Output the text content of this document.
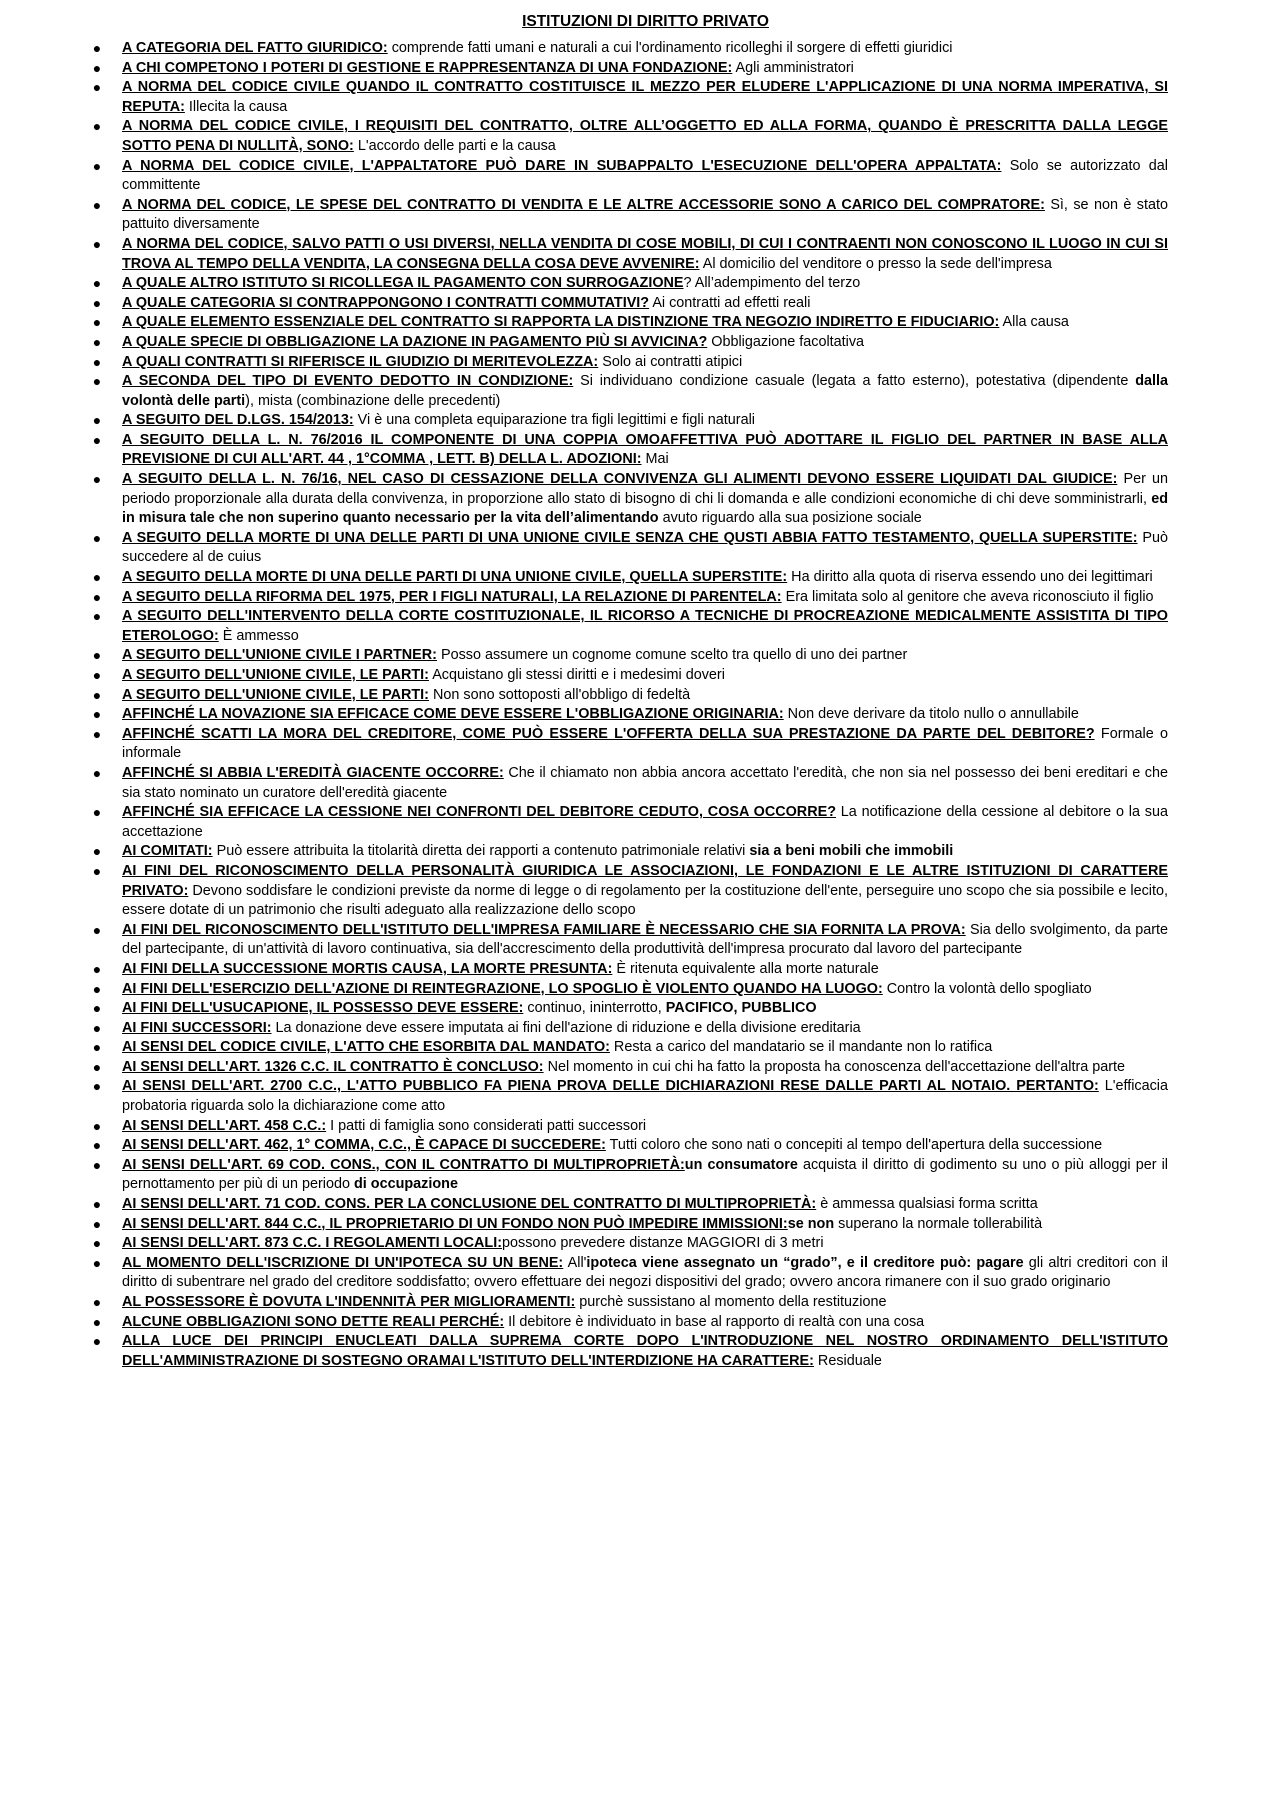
ISTITUZIONI DI DIRITTO PRIVATO
● A CATEGORIA DEL FATTO GIURIDICO: comprende fatti umani e naturali a cui l'ordinamento ricolleghi il sorgere di effetti giuridici
● A CHI COMPETONO I POTERI DI GESTIONE E RAPPRESENTANZA DI UNA FONDAZIONE: Agli amministratori
● A NORMA DEL CODICE CIVILE QUANDO IL CONTRATTO COSTITUISCE IL MEZZO PER ELUDERE L'APPLICAZIONE DI UNA NORMA IMPERATIVA, SI REPUTA: Illecita la causa
● A NORMA DEL CODICE CIVILE, I REQUISITI DEL CONTRATTO, OLTRE ALL’OGGETTO ED ALLA FORMA, QUANDO È PRESCRITTA DALLA LEGGE SOTTO PENA DI NULLITÀ, SONO: L'accordo delle parti e la causa
● A NORMA DEL CODICE CIVILE, L'APPALTATORE PUÒ DARE IN SUBAPPALTO L'ESECUZIONE DELL'OPERA APPALTATA: Solo se autorizzato dal committente
● A NORMA DEL CODICE, LE SPESE DEL CONTRATTO DI VENDITA E LE ALTRE ACCESSORIE SONO A CARICO DEL COMPRATORE: Sì, se non è stato pattuito diversamente
● A NORMA DEL CODICE, SALVO PATTI O USI DIVERSI, NELLA VENDITA DI COSE MOBILI, DI CUI I CONTRAENTI NON CONOSCONO IL LUOGO IN CUI SI TROVA AL TEMPO DELLA VENDITA, LA CONSEGNA DELLA COSA DEVE AVVENIRE: Al domicilio del venditore o presso la sede dell'impresa
● A QUALE ALTRO ISTITUTO SI RICOLLEGA IL PAGAMENTO CON SURROGAZIONE? All’adempimento del terzo
● A QUALE CATEGORIA SI CONTRAPPONGONO I CONTRATTI COMMUTATIVI? Ai contratti ad effetti reali
● A QUALE ELEMENTO ESSENZIALE DEL CONTRATTO SI RAPPORTA LA DISTINZIONE TRA NEGOZIO INDIRETTO E FIDUCIARIO: Alla causa
● A QUALE SPECIE DI OBBLIGAZIONE LA DAZIONE IN PAGAMENTO PIÙ SI AVVICINA? Obbligazione facoltativa
● A QUALI CONTRATTI SI RIFERISCE IL GIUDIZIO DI MERITEVOLEZZA: Solo ai contratti atipici
● A SECONDA DEL TIPO DI EVENTO DEDOTTO IN CONDIZIONE: Si individuano condizione casuale (legata a fatto esterno), potestativa (dipendente dalla volontà delle parti), mista (combinazione delle precedenti)
● A SEGUITO DEL D.LGS. 154/2013: Vi è una completa equiparazione tra figli legittimi e figli naturali
● A SEGUITO DELLA L. N. 76/2016 IL COMPONENTE DI UNA COPPIA OMOAFFETTIVA PUÒ ADOTTARE IL FIGLIO DEL PARTNER IN BASE ALLA PREVISIONE DI CUI ALL'ART. 44 , 1°COMMA , LETT. B) DELLA L. ADOZIONI: Mai
● A SEGUITO DELLA L. N. 76/16, NEL CASO DI CESSAZIONE DELLA CONVIVENZA GLI ALIMENTI DEVONO ESSERE LIQUIDATI DAL GIUDICE: Per un periodo proporzionale alla durata della convivenza, in proporzione allo stato di bisogno di chi li domanda e alle condizioni economiche di chi deve somministrarli, ed in misura tale che non superino quanto necessario per la vita dell’alimentando avuto riguardo alla sua posizione sociale
● A SEGUITO DELLA MORTE DI UNA DELLE PARTI DI UNA UNIONE CIVILE SENZA CHE QUSTI ABBIA FATTO TESTAMENTO, QUELLA SUPERSTITE: Può succedere al de cuius
● A SEGUITO DELLA MORTE DI UNA DELLE PARTI DI UNA UNIONE CIVILE, QUELLA SUPERSTITE: Ha diritto alla quota di riserva essendo uno dei legittimari
● A SEGUITO DELLA RIFORMA DEL 1975, PER I FIGLI NATURALI, LA RELAZIONE DI PARENTELA: Era limitata solo al genitore che aveva riconosciuto il figlio
● A SEGUITO DELL'INTERVENTO DELLA CORTE COSTITUZIONALE, IL RICORSO A TECNICHE DI PROCREAZIONE MEDICALMENTE ASSISTITA DI TIPO ETEROLOGO: È ammesso
● A SEGUITO DELL'UNIONE CIVILE I PARTNER: Posso assumere un cognome comune scelto tra quello di uno dei partner
● A SEGUITO DELL'UNIONE CIVILE, LE PARTI: Acquistano gli stessi diritti e i medesimi doveri
● A SEGUITO DELL'UNIONE CIVILE, LE PARTI: Non sono sottoposti all'obbligo di fedeltà
● AFFINCHÉ LA NOVAZIONE SIA EFFICACE COME DEVE ESSERE L'OBBLIGAZIONE ORIGINARIA: Non deve derivare da titolo nullo o annullabile
● AFFINCHÉ SCATTI LA MORA DEL CREDITORE, COME PUÒ ESSERE L'OFFERTA DELLA SUA PRESTAZIONE DA PARTE DEL DEBITORE? Formale o informale
● AFFINCHÉ SI ABBIA L'EREDITÀ GIACENTE OCCORRE: Che il chiamato non abbia ancora accettato l'eredità, che non sia nel possesso dei beni ereditari e che sia stato nominato un curatore dell'eredità giacente
● AFFINCHÉ SIA EFFICACE LA CESSIONE NEI CONFRONTI DEL DEBITORE CEDUTO, COSA OCCORRE? La notificazione della cessione al debitore o la sua accettazione
● AI COMITATI: Può essere attribuita la titolarità diretta dei rapporti a contenuto patrimoniale relativi sia a beni mobili che immobili
● AI FINI DEL RICONOSCIMENTO DELLA PERSONALITÀ GIURIDICA LE ASSOCIAZIONI, LE FONDAZIONI E LE ALTRE ISTITUZIONI DI CARATTERE PRIVATO: Devono soddisfare le condizioni previste da norme di legge o di regolamento per la costituzione dell'ente, perseguire uno scopo che sia possibile e lecito, essere dotate di un patrimonio che risulti adeguato alla realizzazione dello scopo
● AI FINI DEL RICONOSCIMENTO DELL'ISTITUTO DELL'IMPRESA FAMILIARE È NECESSARIO CHE SIA FORNITA LA PROVA: Sia dello svolgimento, da parte del partecipante, di un'attività di lavoro continuativa, sia dell'accrescimento della produttività dell'impresa procurato dal lavoro del partecipante
● AI FINI DELLA SUCCESSIONE MORTIS CAUSA, LA MORTE PRESUNTA: È ritenuta equivalente alla morte naturale
● AI FINI DELL'ESERCIZIO DELL'AZIONE DI REINTEGRAZIONE, LO SPOGLIO È VIOLENTO QUANDO HA LUOGO: Contro la volontà dello spogliato
● AI FINI DELL'USUCAPIONE, IL POSSESSO DEVE ESSERE: continuo, ininterrotto, PACIFICO, PUBBLICO
● AI FINI SUCCESSORI: La donazione deve essere imputata ai fini dell'azione di riduzione e della divisione ereditaria
● AI SENSI DEL CODICE CIVILE, L'ATTO CHE ESORBITA DAL MANDATO: Resta a carico del mandatario se il mandante non lo ratifica
● AI SENSI DELL'ART. 1326 C.C. IL CONTRATTO È CONCLUSO: Nel momento in cui chi ha fatto la proposta ha conoscenza dell'accettazione dell'altra parte
● AI SENSI DELL'ART. 2700 C.C., L'ATTO PUBBLICO FA PIENA PROVA DELLE DICHIARAZIONI RESE DALLE PARTI AL NOTAIO. PERTANTO: L'efficacia probatoria riguarda solo la dichiarazione come atto
● AI SENSI DELL'ART. 458 C.C.: I patti di famiglia sono considerati patti successori
● AI SENSI DELL'ART. 462, 1° COMMA, C.C., È CAPACE DI SUCCEDERE: Tutti coloro che sono nati o concepiti al tempo dell'apertura della successione
● AI SENSI DELL'ART. 69 COD. CONS., CON IL CONTRATTO DI MULTIPROPRIETÀ:un consumatore acquista il diritto di godimento su uno o più alloggi per il pernottamento per più di un periodo di occupazione
● AI SENSI DELL'ART. 71 COD. CONS. PER LA CONCLUSIONE DEL CONTRATTO DI MULTIPROPRIETÀ: è ammessa qualsiasi forma scritta
● AI SENSI DELL'ART. 844 C.C., IL PROPRIETARIO DI UN FONDO NON PUÒ IMPEDIRE IMMISSIONI:se non superano la normale tollerabilità
● AI SENSI DELL'ART. 873 C.C. I REGOLAMENTI LOCALI:possono prevedere distanze MAGGIORI di 3 metri
● AL MOMENTO DELL'ISCRIZIONE DI UN'IPOTECA SU UN BENE: All'ipoteca viene assegnato un “grado”, e il creditore può: pagare gli altri creditori con il diritto di subentrare nel grado del creditore soddisfatto; ovvero effettuare dei negozi dispositivi del grado; ovvero ancora rimanere con il suo grado originario
● AL POSSESSORE È DOVUTA L'INDENNITÀ PER MIGLIORAMENTI: purchè sussistano al momento della restituzione
● ALCUNE OBBLIGAZIONI SONO DETTE REALI PERCHÉ: Il debitore è individuato in base al rapporto di realtà con una cosa
● ALLA LUCE DEI PRINCIPI ENUCLEATI DALLA SUPREMA CORTE DOPO L'INTRODUZIONE NEL NOSTRO ORDINAMENTO DELL'ISTITUTO DELL'AMMINISTRAZIONE DI SOSTEGNO ORAMAI L'ISTITUTO DELL'INTERDIZIONE HA CARATTERE: Residuale
